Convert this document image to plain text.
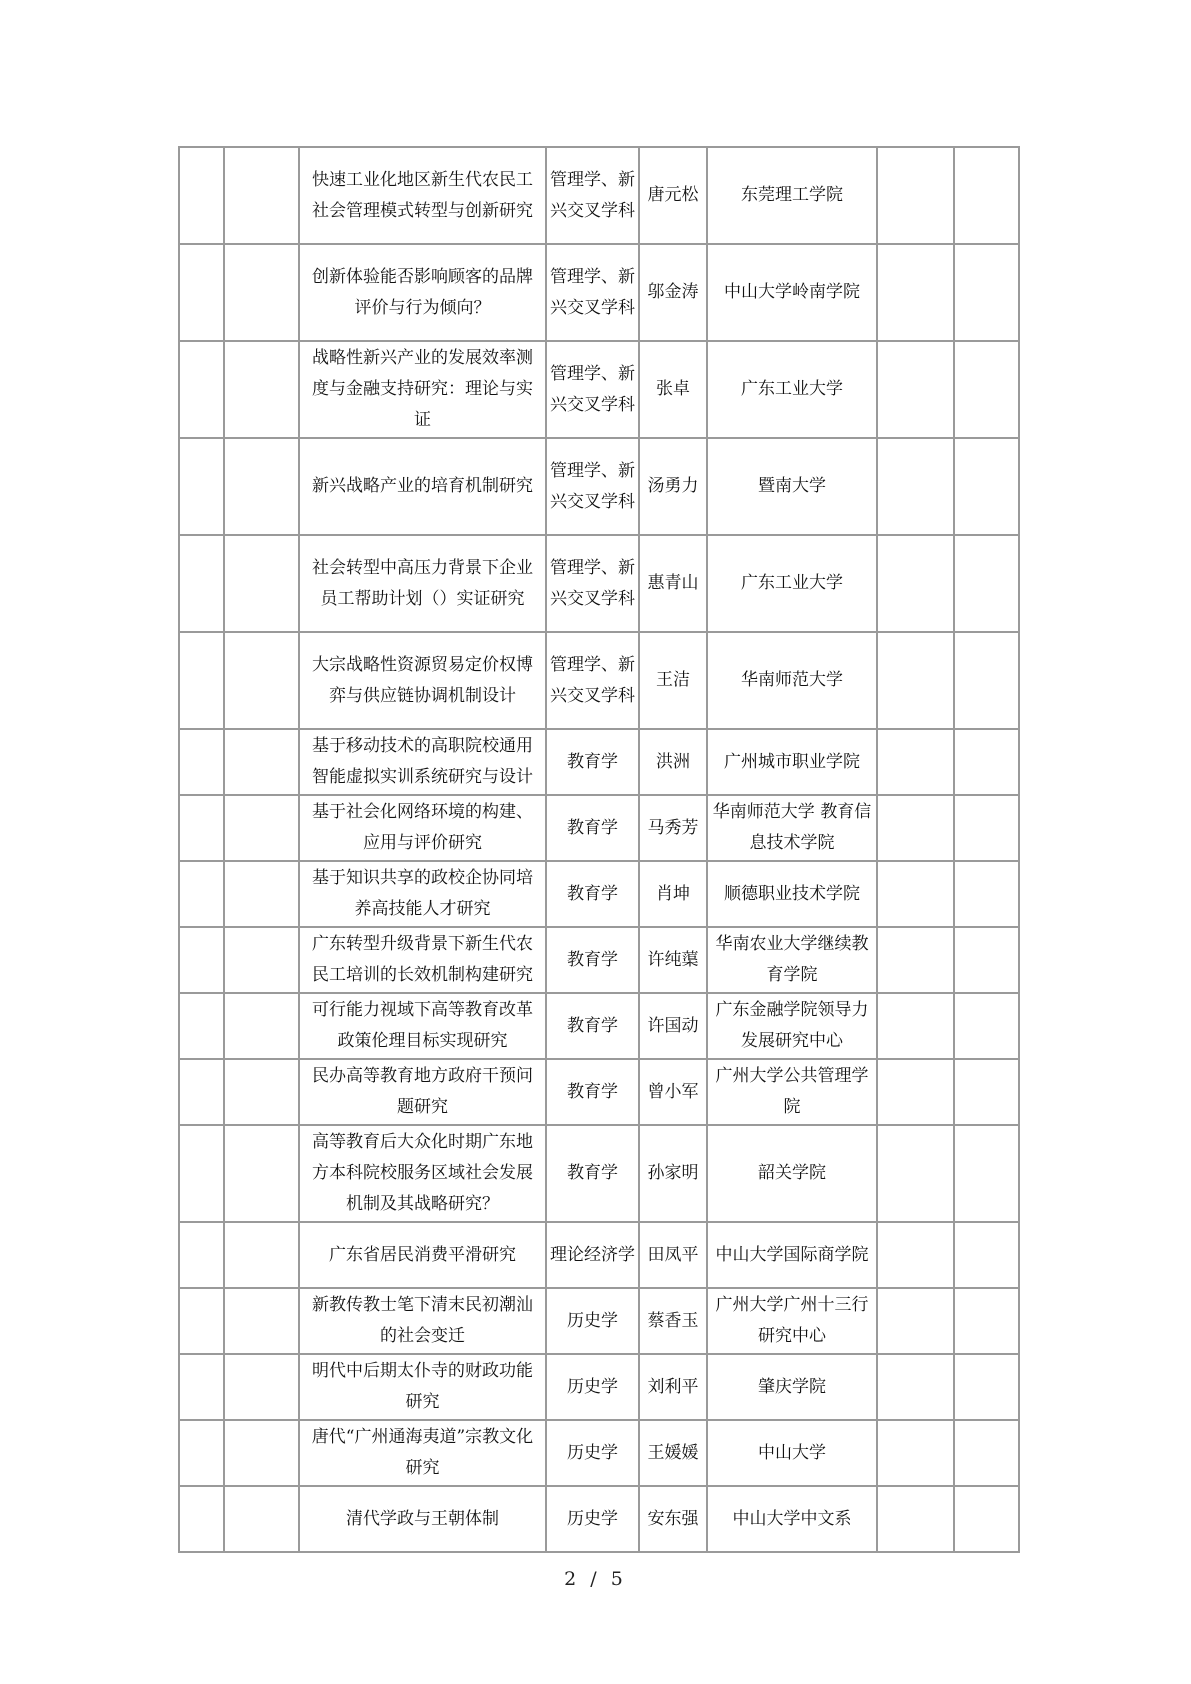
		快速工业化地区新生代农民工社会管理模式转型与创新研究	管理学、新兴交叉学科	唐元松	东莞理工学院		
		创新体验能否影响顾客的品牌评价与行为倾向？	管理学、新兴交叉学科	邬金涛	中山大学岭南学院		
		战略性新兴产业的发展效率测度与金融支持研究：理论与实证	管理学、新兴交叉学科	张卓	广东工业大学		
		新兴战略产业的培育机制研究	管理学、新兴交叉学科	汤勇力	暨南大学		
		社会转型中高压力背景下企业员工帮助计划（）实证研究	管理学、新兴交叉学科	惠青山	广东工业大学		
		大宗战略性资源贸易定价权博弈与供应链协调机制设计	管理学、新兴交叉学科	王洁	华南师范大学		
		基于移动技术的高职院校通用智能虚拟实训系统研究与设计	教育学	洪洲	广州城市职业学院		
		基于社会化网络环境的构建、应用与评价研究	教育学	马秀芳	华南师范大学 教育信息技术学院		
		基于知识共享的政校企协同培养高技能人才研究	教育学	肖坤	顺德职业技术学院		
		广东转型升级背景下新生代农民工培训的长效机制构建研究	教育学	许纯蕖	华南农业大学继续教育学院		
		可行能力视域下高等教育改革政策伦理目标实现研究	教育学	许国动	广东金融学院领导力发展研究中心		
		民办高等教育地方政府干预问题研究	教育学	曾小军	广州大学公共管理学院		
		高等教育后大众化时期广东地方本科院校服务区域社会发展机制及其战略研究？	教育学	孙家明	韶关学院		
		广东省居民消费平滑研究	理论经济学	田凤平	中山大学国际商学院		
		新教传教士笔下清末民初潮汕的社会变迁	历史学	蔡香玉	广州大学广州十三行研究中心		
		明代中后期太仆寺的财政功能研究	历史学	刘利平	肇庆学院		
		唐代“广州通海夷道”宗教文化研究	历史学	王媛媛	中山大学		
		清代学政与王朝体制	历史学	安东强	中山大学中文系		
2 / 5
